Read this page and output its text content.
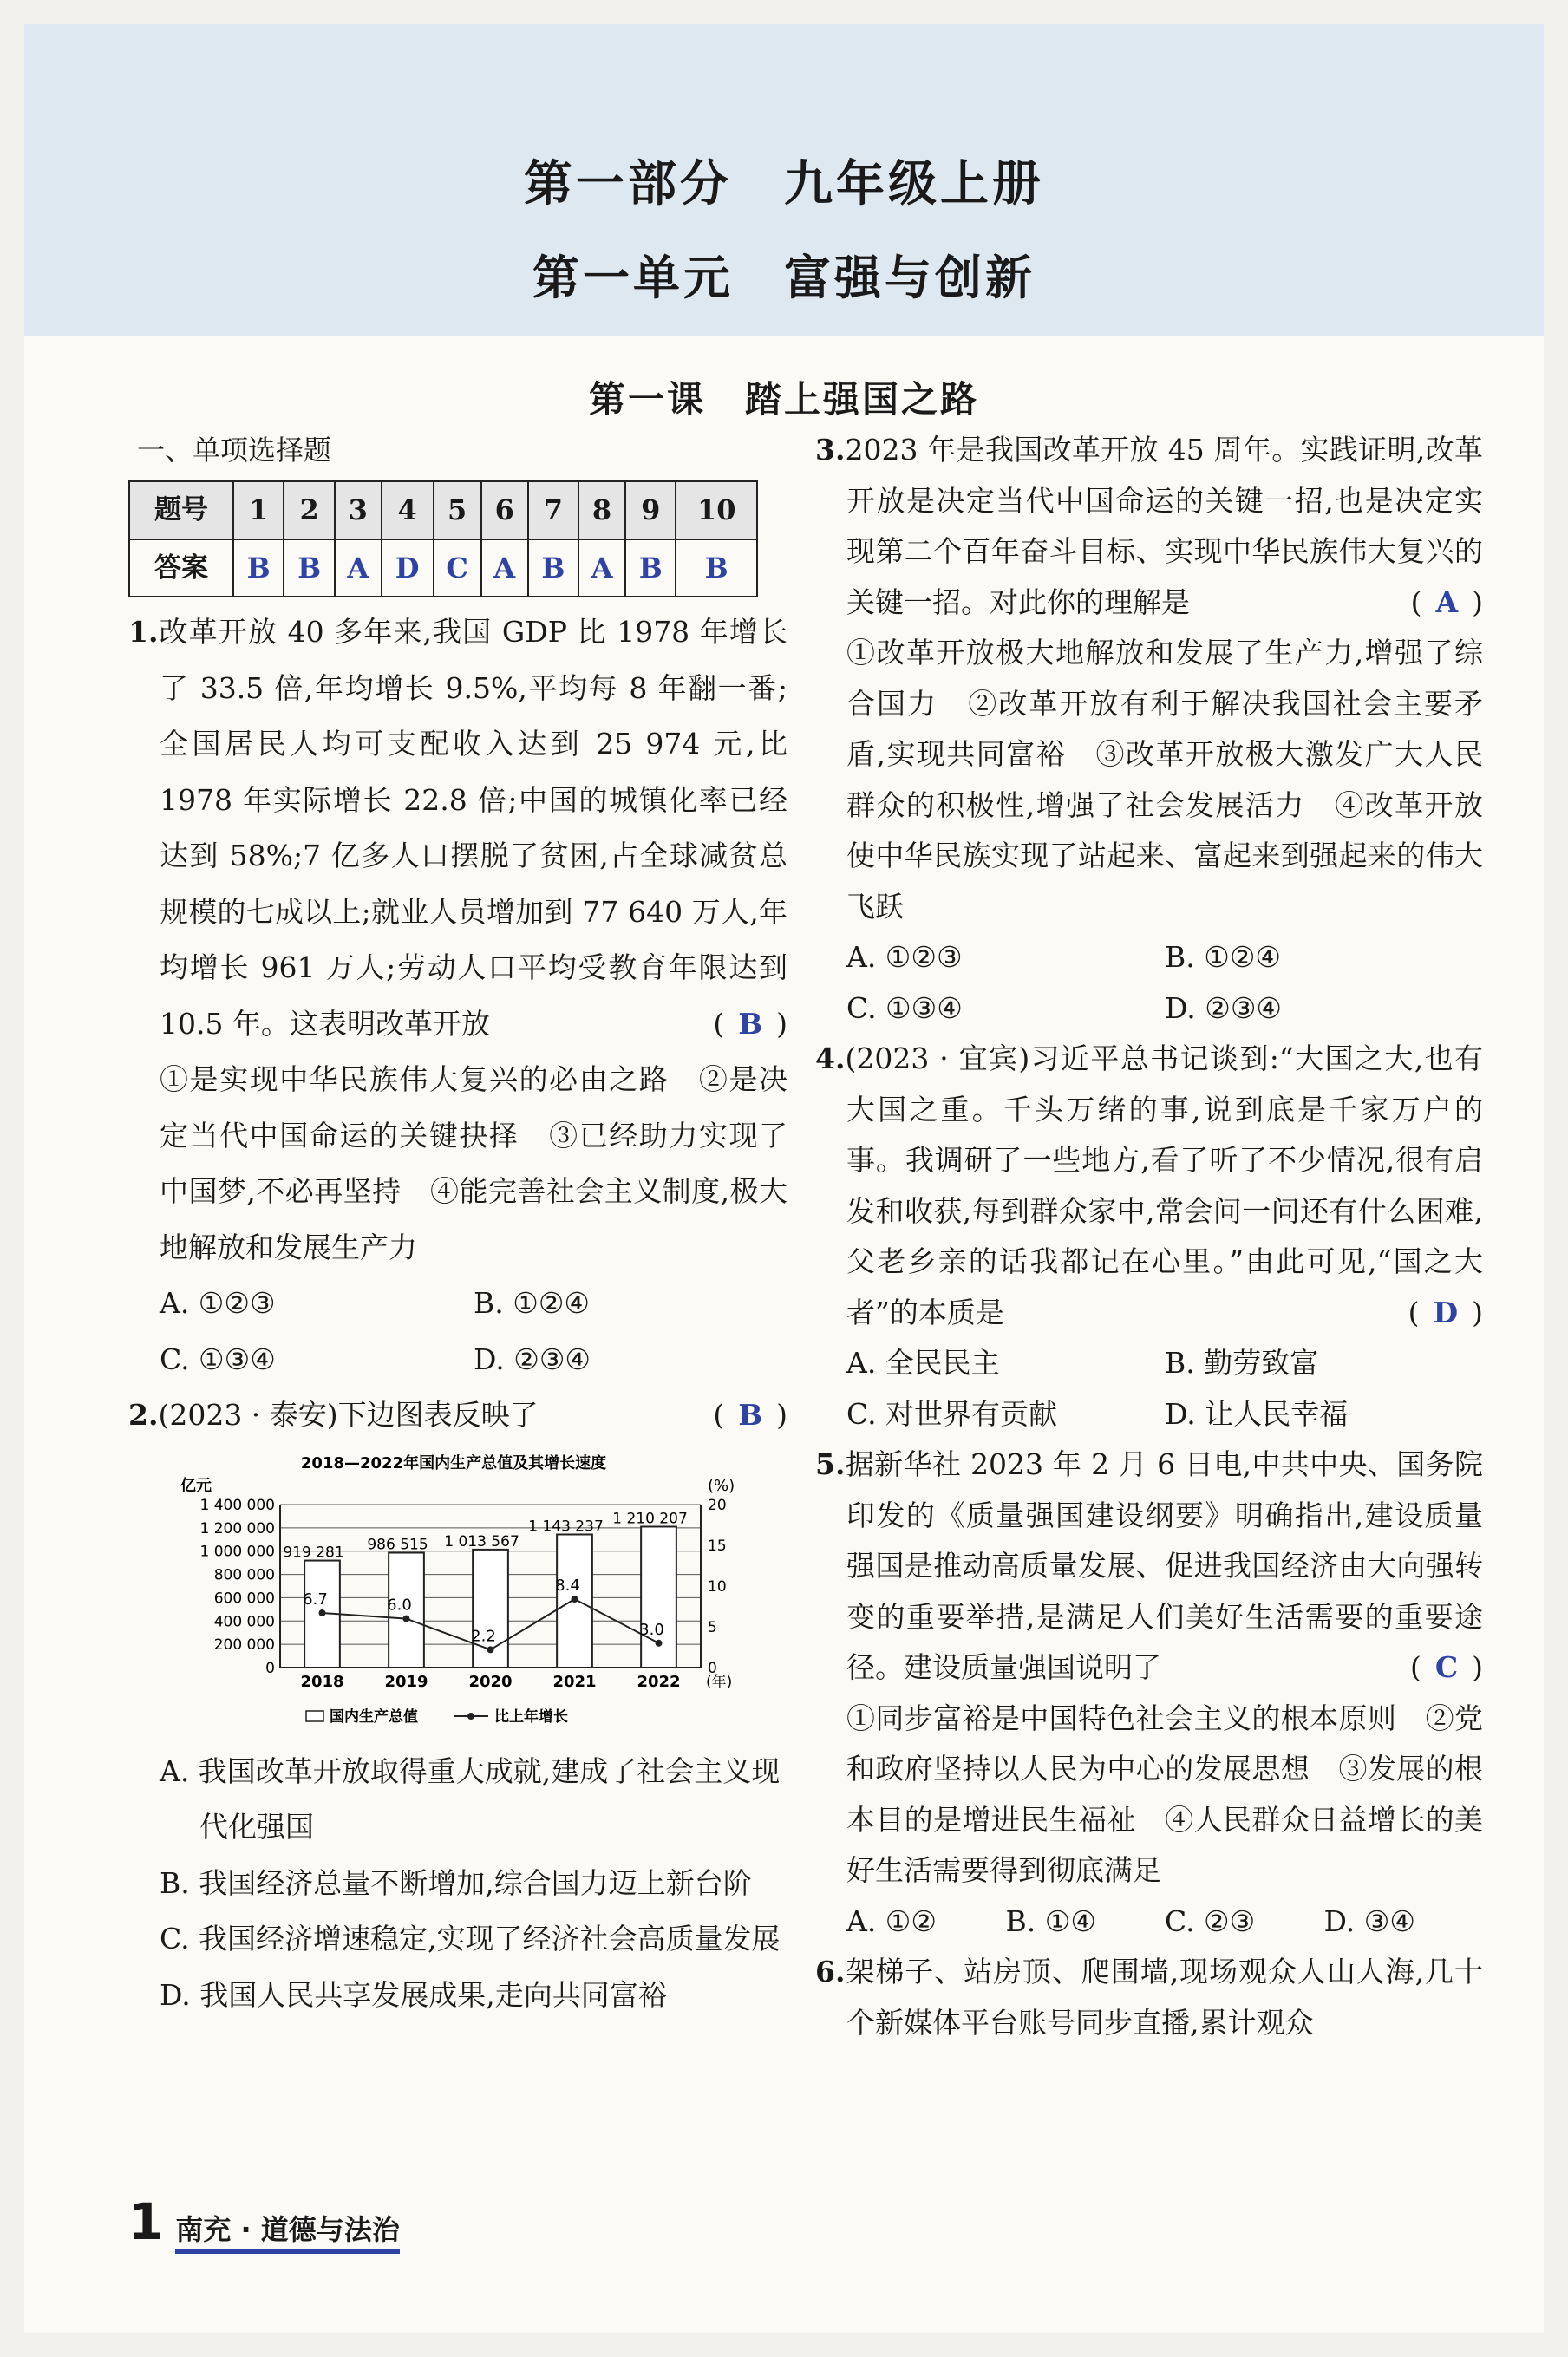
第一部分　九年级上册
第一单元　富强与创新
第一课　踏上强国之路
一、单项选择题
题号	1	2	3	4	5	6	7	8	9	10
答案	B	B	A	D	C	A	B	A	B	B
1.改革开放 40 多年来,我国 GDP 比 1978 年增长了 33.5 倍,年均增长 9.5%,平均每 8 年翻一番;全国居民人均可支配收入达到 25 974 元,比 1978 年实际增长 22.8 倍;中国的城镇化率已经达到 58%;7 亿多人口摆脱了贫困,占全球减贫总规模的七成以上;就业人员增加到 77 640 万人,年均增长 961 万人;劳动人口平均受教育年限达到 10.5 年。这表明改革开放	( B )
①是实现中华民族伟大复兴的必由之路　②是决定当代中国命运的关键抉择　③已经助力实现了中国梦,不必再坚持　④能完善社会主义制度,极大地解放和发展生产力
A. ①②③	B. ①②④
C. ①③④	D. ②③④
2.(2023 · 泰安)下边图表反映了	( B )
2018—2022年国内生产总值及其增长速度
亿元	(%)
0
200 000
400 000
600 000
800 000
1 000 000
1 200 000
1 400 000
0
5
10
15
20
919 281 986 515 1 013 567
1 143 237 1 210 207
6.7	6.0
2.2
8.4
3.0
2018	2019	2020	2021	2022 (年)
国内生产总值	比上年增长
A. 我国改革开放取得重大成就,建成了社会主义现代化强国
B. 我国经济总量不断增加,综合国力迈上新台阶
C. 我国经济增速稳定,实现了经济社会高质量发展
D. 我国人民共享发展成果,走向共同富裕
3.2023 年是我国改革开放 45 周年。实践证明,改革开放是决定当代中国命运的关键一招,也是决定实现第二个百年奋斗目标、实现中华民族伟大复兴的关键一招。对此你的理解是	( A )
①改革开放极大地解放和发展了生产力,增强了综合国力　②改革开放有利于解决我国社会主要矛盾,实现共同富裕　③改革开放极大激发广大人民群众的积极性,增强了社会发展活力　④改革开放使中华民族实现了站起来、富起来到强起来的伟大飞跃
A. ①②③	B. ①②④
C. ①③④	D. ②③④
4.(2023 · 宜宾)习近平总书记谈到:“大国之大,也有大国之重。千头万绪的事,说到底是千家万户的事。我调研了一些地方,看了听了不少情况,很有启发和收获,每到群众家中,常会问一问还有什么困难,父老乡亲的话我都记在心里。”由此可见,“国之大者”的本质是	( D )
A. 全民民主	B. 勤劳致富
C. 对世界有贡献	D. 让人民幸福
5.据新华社 2023 年 2 月 6 日电,中共中央、国务院印发的《质量强国建设纲要》明确指出,建设质量强国是推动高质量发展、促进我国经济由大向强转变的重要举措,是满足人们美好生活需要的重要途径。建设质量强国说明了	( C )
①同步富裕是中国特色社会主义的根本原则　②党和政府坚持以人民为中心的发展思想　③发展的根本目的是增进民生福祉　④人民群众日益增长的美好生活需要得到彻底满足
A. ①②	B. ①④	C. ②③	D. ③④
6.架梯子、站房顶、爬围墙,现场观众人山人海,几十个新媒体平台账号同步直播,累计观众
1 南充 · 道德与法治
